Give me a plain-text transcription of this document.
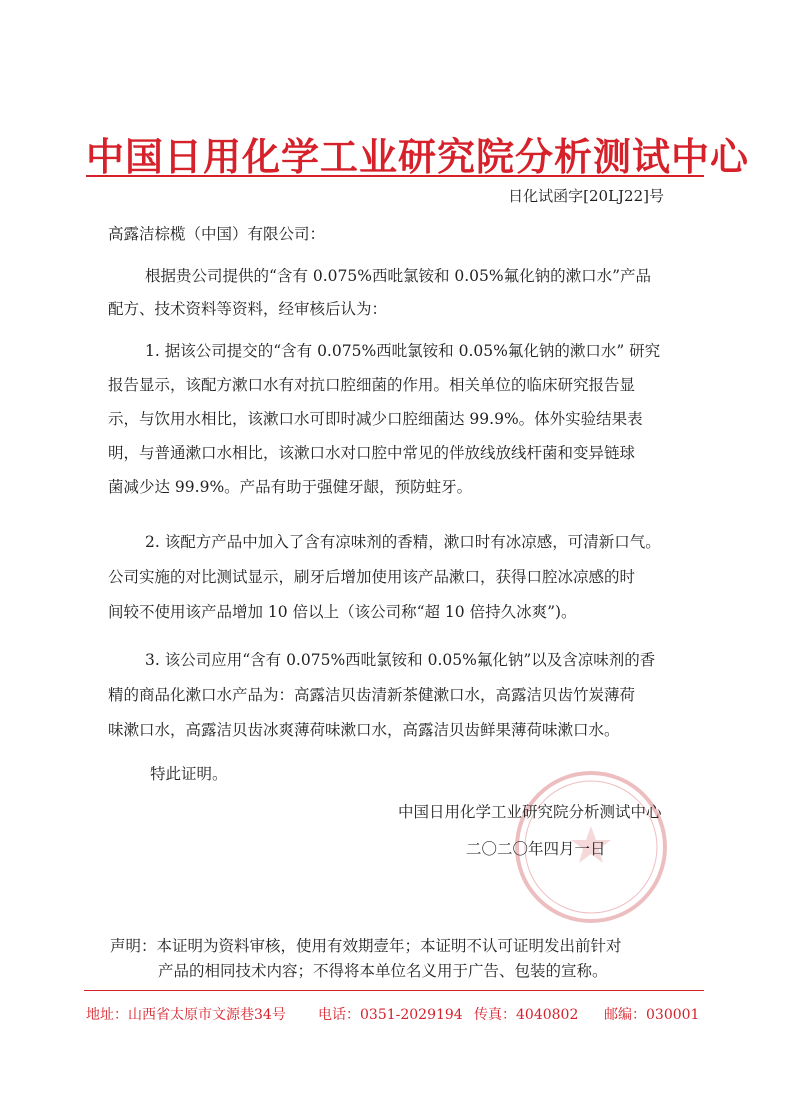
中国日用化学工业研究院分析测试中心
日化试函字[20LJ22]号
高露洁棕榄（中国）有限公司：
根据贵公司提供的“含有 0.075%西吡氯铵和 0.05%氟化钠的漱口水”产品
配方、技术资料等资料，经审核后认为：
1. 据该公司提交的“含有 0.075%西吡氯铵和 0.05%氟化钠的漱口水” 研究
报告显示，该配方漱口水有对抗口腔细菌的作用。相关单位的临床研究报告显
示，与饮用水相比，该漱口水可即时减少口腔细菌达 99.9%。体外实验结果表
明，与普通漱口水相比，该漱口水对口腔中常见的伴放线放线杆菌和变异链球
菌减少达 99.9%。产品有助于强健牙龈，预防蛀牙。
2. 该配方产品中加入了含有凉味剂的香精，漱口时有冰凉感，可清新口气。
公司实施的对比测试显示，刷牙后增加使用该产品漱口，获得口腔冰凉感的时
间较不使用该产品增加 10 倍以上（该公司称“超 10 倍持久冰爽”)。
3. 该公司应用“含有 0.075%西吡氯铵和 0.05%氟化钠”以及含凉味剂的香
精的商品化漱口水产品为：高露洁贝齿清新茶健漱口水，高露洁贝齿竹炭薄荷
味漱口水，高露洁贝齿冰爽薄荷味漱口水，高露洁贝齿鲜果薄荷味漱口水。
特此证明。
中国日用化学工业研究院分析测试中心
二〇二〇年四月一日
声明：本证明为资料审核，使用有效期壹年；本证明不认可证明发出前针对
产品的相同技术内容；不得将本单位名义用于广告、包装的宣称。
地址：山西省太原市文源巷34号 电话：0351-2029194 传真：4040802 邮编：030001
